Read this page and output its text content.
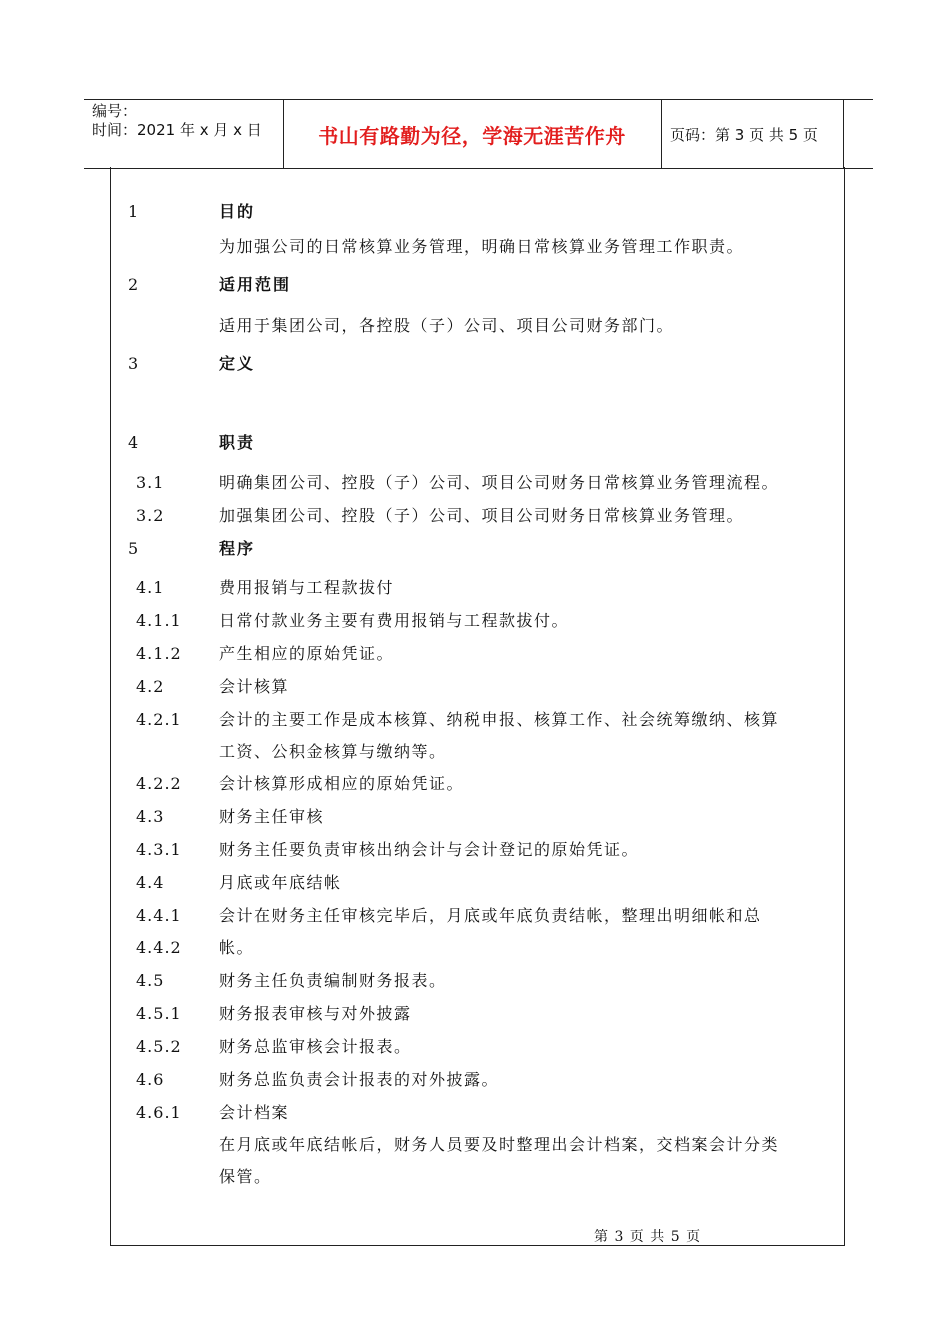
编号：
时间：2021 年 x 月 x 日	书山有路勤为径，学海无涯苦作舟	页码：第 3 页 共 5 页
1	目的
为加强公司的日常核算业务管理，明确日常核算业务管理工作职责。
2	适用范围
适用于集团公司，各控股（子）公司、项目公司财务部门。
3	定义
4	职责
3.1	明确集团公司、控股（子）公司、项目公司财务日常核算业务管理流程。
3.2	加强集团公司、控股（子）公司、项目公司财务日常核算业务管理。
5	程序
4.1	费用报销与工程款拔付
4.1.1 日常付款业务主要有费用报销与工程款拔付。
4.1.2 产生相应的原始凭证。
4.2	会计核算
4.2.1 会计的主要工作是成本核算、纳税申报、核算工作、社会统筹缴纳、核算
工资、公积金核算与缴纳等。
4.2.2 会计核算形成相应的原始凭证。
4.3	财务主任审核
4.3.1 财务主任要负责审核出纳会计与会计登记的原始凭证。
4.4	月底或年底结帐
4.4.1 会计在财务主任审核完毕后，月底或年底负责结帐，整理出明细帐和总
4.4.2 帐。
4.5	财务主任负责编制财务报表。
4.5.1 财务报表审核与对外披露
4.5.2 财务总监审核会计报表。
4.6	财务总监负责会计报表的对外披露。
4.6.1 会计档案
在月底或年底结帐后，财务人员要及时整理出会计档案，交档案会计分类
保管。
第 3 页 共 5 页
